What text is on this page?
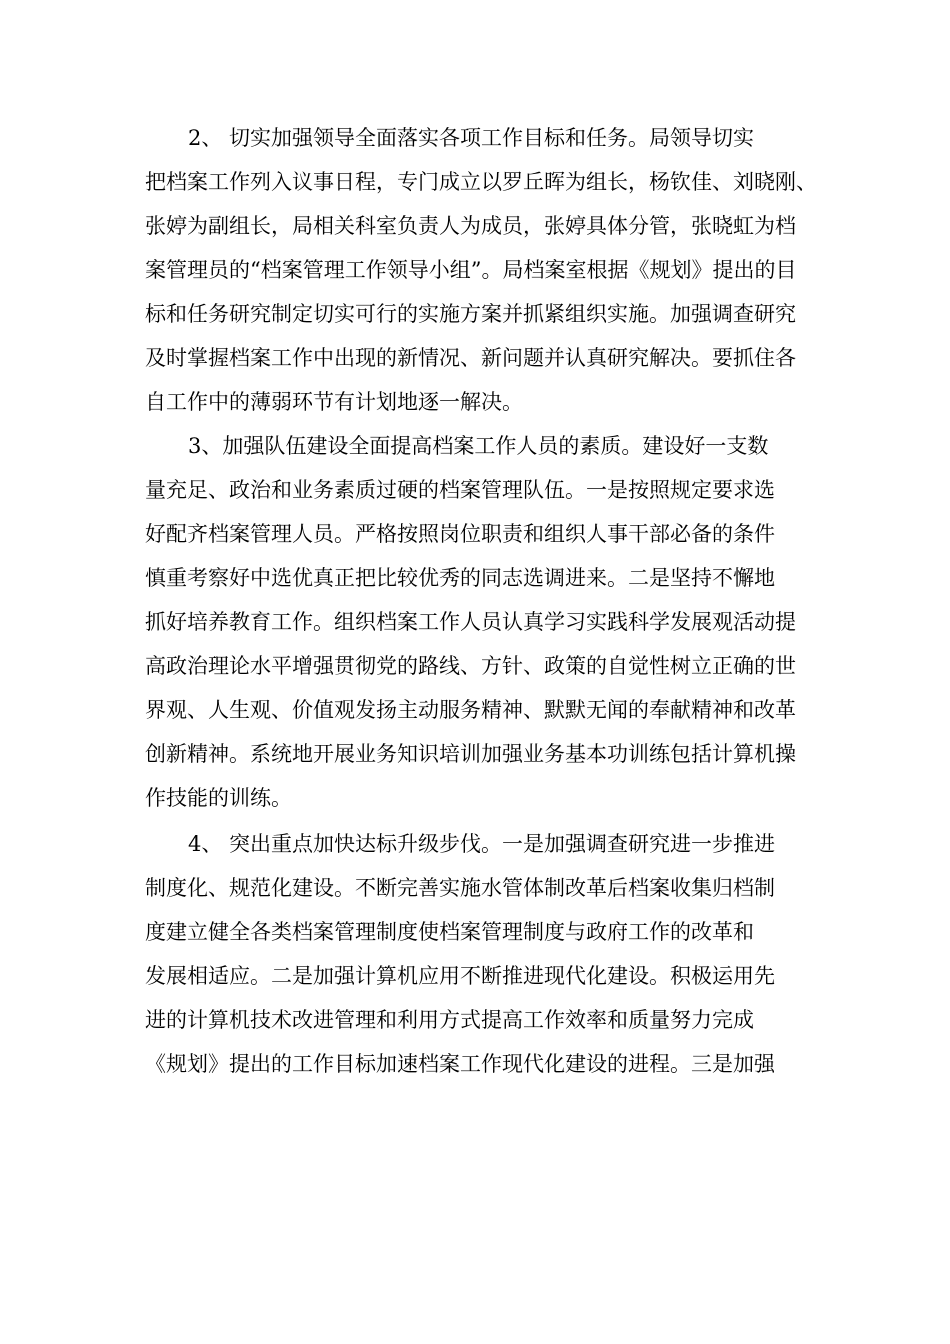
2、 切实加强领导全面落实各项工作目标和任务。局领导切实
把档案工作列入议事日程，专门成立以罗丘晖为组长，杨钦佳、刘晓刚、
张婷为副组长，局相关科室负责人为成员，张婷具体分管，张晓虹为档
案管理员的“档案管理工作领导小组”。局档案室根据《规划》提出的目
标和任务研究制定切实可行的实施方案并抓紧组织实施。加强调查研究
及时掌握档案工作中出现的新情况、新问题并认真研究解决。要抓住各
自工作中的薄弱环节有计划地逐一解决。
3、加强队伍建设全面提高档案工作人员的素质。建设好一支数
量充足、政治和业务素质过硬的档案管理队伍。一是按照规定要求选
好配齐档案管理人员。严格按照岗位职责和组织人事干部必备的条件
慎重考察好中选优真正把比较优秀的同志选调进来。二是坚持不懈地
抓好培养教育工作。组织档案工作人员认真学习实践科学发展观活动提
高政治理论水平增强贯彻党的路线、方针、政策的自觉性树立正确的世
界观、人生观、价值观发扬主动服务精神、默默无闻的奉献精神和改革
创新精神。系统地开展业务知识培训加强业务基本功训练包括计算机操
作技能的训练。
4、 突出重点加快达标升级步伐。一是加强调查研究进一步推进
制度化、规范化建设。不断完善实施水管体制改革后档案收集归档制
度建立健全各类档案管理制度使档案管理制度与政府工作的改革和
发展相适应。二是加强计算机应用不断推进现代化建设。积极运用先
进的计算机技术改进管理和利用方式提高工作效率和质量努力完成
《规划》提出的工作目标加速档案工作现代化建设的进程。三是加强
